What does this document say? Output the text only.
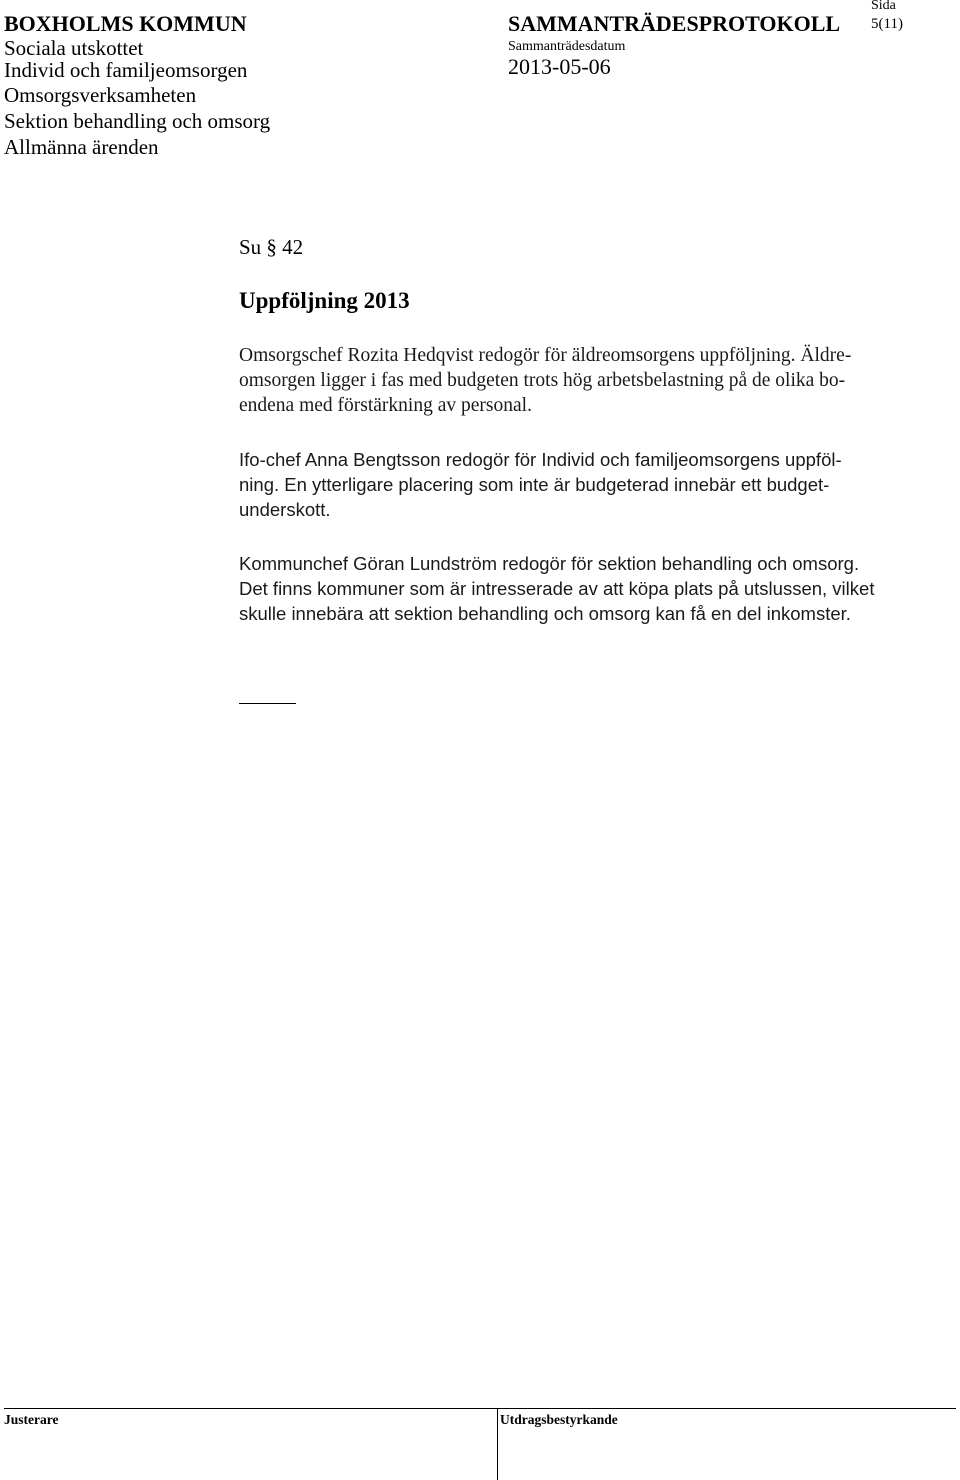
BOXHOLMS KOMMUN
Sociala utskottet
Individ och familjeomsorgen
Omsorgsverksamheten
Sektion behandling och omsorg
Allmänna ärenden
SAMMANTRÄDESPROTOKOLL
Sammanträdesdatum
2013-05-06
Sida
5(11)
Su § 42
Uppföljning 2013
Omsorgschef Rozita Hedqvist redogör för äldreomsorgens uppföljning. Äldre-
omsorgen ligger i fas med budgeten trots hög arbetsbelastning på de olika bo-
endena med förstärkning av personal.
Ifo-chef Anna Bengtsson redogör för Individ och familjeomsorgens uppföl-
ning. En ytterligare placering som inte är budgeterad innebär ett budget-
underskott.
Kommunchef Göran Lundström redogör för sektion behandling och omsorg.
Det finns kommuner som är intresserade av att köpa plats på utslussen, vilket
skulle innebära att sektion behandling och omsorg kan få en del inkomster.
Justerare	Utdragsbestyrkande
